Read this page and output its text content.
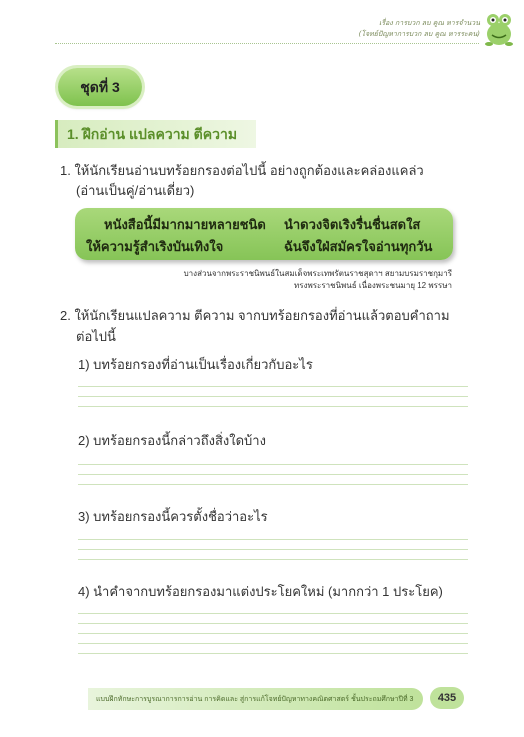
เรื่อง การบวก ลบ คูณ หารจำนวน
(โจทย์ปัญหาการบวก ลบ คูณ หารระคน)
ชุดที่ 3
1. ฝึกอ่าน แปลความ ตีความ
1. ให้นักเรียนอ่านบทร้อยกรองต่อไปนี้ อย่างถูกต้องและคล่องแคล่ว
(อ่านเป็นคู่/อ่านเดี่ยว)
หนังสือนี้มีมากมายหลายชนิด นำดวงจิตเริงรื่นชื่นสดใส
ให้ความรู้สำเริงบันเทิงใจ	ฉันจึงใฝ่สมัครใจอ่านทุกวัน
บางส่วนจากพระราชนิพนธ์ในสมเด็จพระเทพรัตนราชสุดาฯ สยามบรมราชกุมารี
ทรงพระราชนิพนธ์ เนื่องพระชนมายุ 12 พรรษา
2. ให้นักเรียนแปลความ ตีความ จากบทร้อยกรองที่อ่านแล้วตอบคำถาม
ต่อไปนี้
1) บทร้อยกรองที่อ่านเป็นเรื่องเกี่ยวกับอะไร
2) บทร้อยกรองนี้กล่าวถึงสิ่งใดบ้าง
3) บทร้อยกรองนี้ควรตั้งชื่อว่าอะไร
4) นำคำจากบทร้อยกรองมาแต่งประโยคใหม่ (มากกว่า 1 ประโยค)
แบบฝึกทักษะการบูรณาการการอ่าน การคิดและ สู่การแก้โจทย์ปัญหาทางคณิตศาสตร์ ชั้นประถมศึกษาปีที่ 3	435
